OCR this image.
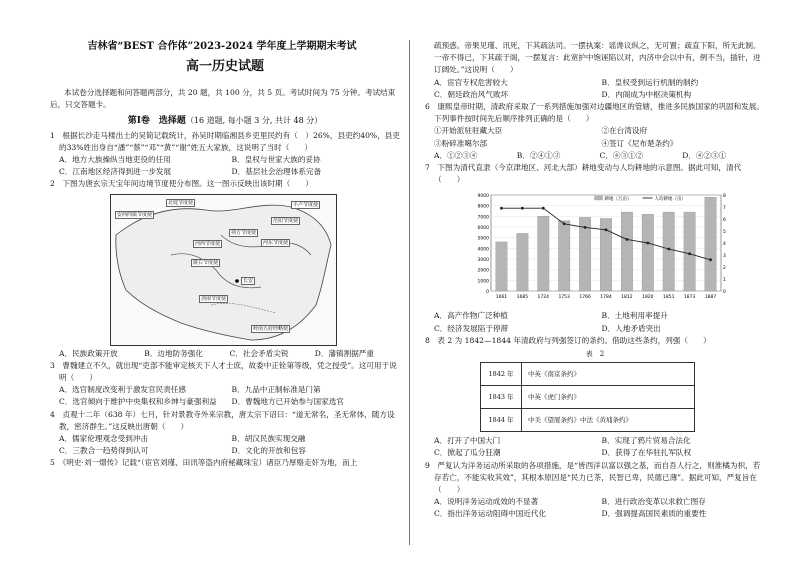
吉林省“BEST 合作体”2023-2024 学年度上学期期末考试
高一历史试题
本试卷分选择题和问答题两部分，共 20 题，共 100 分，共 5 页。考试时间为 75 分钟。考试结束后，只交答题卡。
第Ⅰ卷　选择题（16 道题, 每小题 3 分, 共计 48 分）
1　根据长沙走马楼出土的吴简记载统计，孙吴时期临湘县乡吏里民约有（　）26%，县吏约40%，县吏的33%姓出身自“潘”“蔡”“邓”“黄”“谢”姓五大家族，这说明了当时（　　）
A．地方大族操纵当地吏役的任用	B．皇权与世家大族的妥协
C．江南地区经济得到进一步发展	D．基层社会治理体系完备
2　下图为唐玄宗天宝年间边境节度使分布图。这一图示反映出该时期（　　）
北庭节度使
安西四镇节度使
河西节度使
陇右节度使
朔方节度使
河东节度使
范阳节度使
平卢节度使
剑南节度使
长安
岭南五府经略使
A．民族政策开放	B．边地防务强化	C．社会矛盾尖锐	D．藩镇割据严重
3　曹魏建立不久，就出现“吏部不能审定核天下人才士庶，故委中正铨第等级，凭之授受”。这可用于说明（　　）
A．选官制度改变利于激发官民责任感	B．九品中正制标准是门第
C．选官倾向于维护中央集权和乡绅与豪强利益	D．曹魏地方已开始参与国家选官
4　贞观十二年（638 年）七月，针对景教寺外来宗教，唐太宗下诏曰：“道无常名，圣无常体，随方设教，密济群生。”这反映出唐朝（　　）
A．儒家伦理观念受到冲击	B．胡汉民族实现交融
C．三教合一趋势得到认可	D．文化的开放和包容
5　《明史·刘一燝传》记载“（宦官刘瑾、田讯等盗内府秘藏珠宝）诸臣乃厚赂走奸为地，而上
疏预惑。帝果见瑾、讯死，下其疏法司。一摆执案：谣谗议纵之，无可置；疏直下阳，所无此制。一帝不得已，下其疏于阁，一摆复言：此宽护中饱诬陷以对，内济中会以中有，例不当，插针，迸订阔处。”这说明（　　）
A．宦官专权危害较大	B．皇权受到运行机制的制约
C．朝廷政治风气败坏	D．内阁成为中枢决策机构
6　康熙皇帝时期，清政府采取了一系列措施加强对边疆地区的管辖，推进多民族国家的巩固和发展。下列事件按时间先后顺序排列正确的是（　　）
①开始派驻驻藏大臣	②在台湾设府
③粉碎准噶尔部	④签订《尼布楚条约》
A．①②③④	B．②④①③	C．④③①②	D．④②③①
7　下图为清代直隶（今京津地区、河北大部）耕地变动与人均耕地的示意图。据此可知，清代（　　）
0
1000
2000
3000
4000
5000
6000
7000
8000
9000
0
1
2
3
4
5
6
7
8
1661 1685 1724 1753 1766 1784 1812 1820 1851 1873 1887
耕地（万亩）	人均耕地（亩）
A．高产作物广泛种植	B．土地利用率提升
C．经济发展陷于停滞	D．人地矛盾突出
8　表 2 为 1842—1844 年清政府与列强签订的条约。借助这些条约，列强（　　）
表　2
1842 年	中英《南京条约》
1843 年	中英《虎门条约》
1844 年	中美《望厦条约》中法《黄埔条约》
A．打开了中国大门	B．实现了鸦片贸易合法化
C．掀起了瓜分狂潮	D．获得了在华驻扎军队权
9　严复认为洋务运动所采取的各项措施，是“皆西洋以富以强之基，而自吾人行之，则淮橘为枳，若存若亡，不能实收其效”，其根本原因是“民力已茶，民智已卑，民德已薄”。据此可知，严复旨在（　　）
A．说明洋务运动成效的不显著	B．进行政治变革以求救亡图存
C．指出洋务运动阻碍中国近代化	D．强调提高国民素质的重要性
